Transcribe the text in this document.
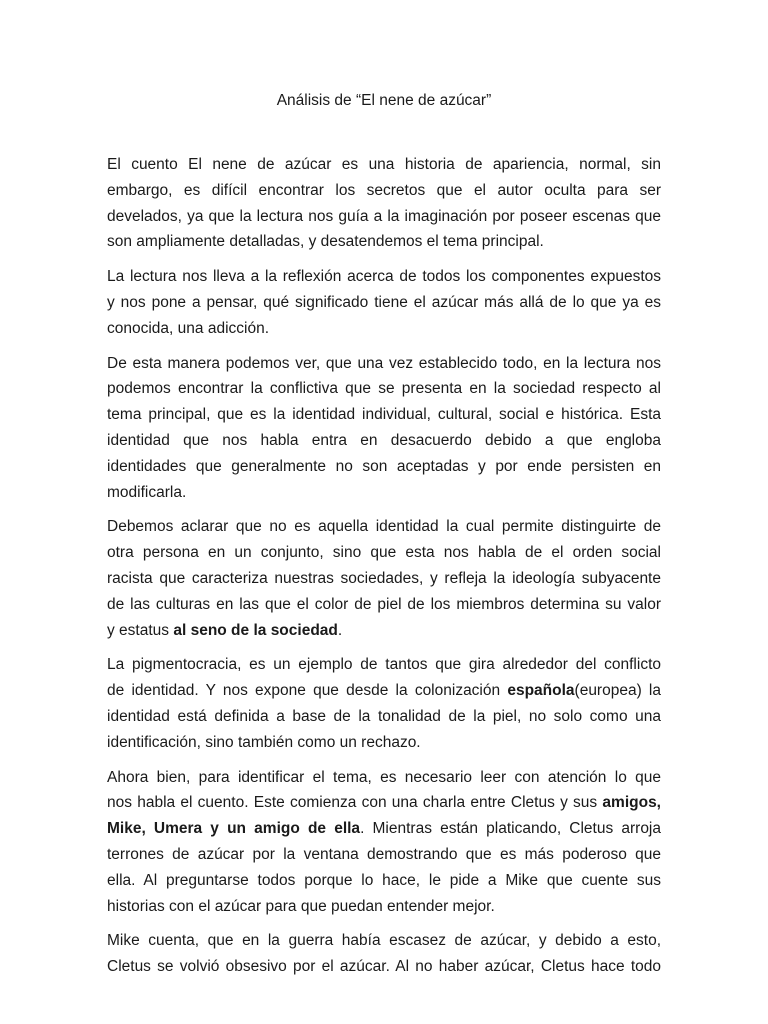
Análisis de “El nene de azúcar”
El cuento El nene de azúcar es una historia de apariencia, normal, sin
embargo, es difícil encontrar los secretos que el autor oculta para ser
develados, ya que la lectura nos guía a la imaginación por poseer escenas que
son ampliamente detalladas, y desatendemos el tema principal.
La lectura nos lleva a la reflexión acerca de todos los componentes expuestos
y nos pone a pensar, qué significado tiene el azúcar más allá de lo que ya es
conocida, una adicción.
De esta manera podemos ver, que una vez establecido todo, en la lectura nos
podemos encontrar la conflictiva que se presenta en la sociedad respecto al
tema principal, que es la identidad individual, cultural, social e histórica. Esta
identidad que nos habla entra en desacuerdo debido a que engloba
identidades que generalmente no son aceptadas y por ende persisten en
modificarla.
Debemos aclarar que no es aquella identidad la cual permite distinguirte de
otra persona en un conjunto, sino que esta nos habla de el orden social
racista que caracteriza nuestras sociedades, y refleja la ideología subyacente
de las culturas en las que el color de piel de los miembros determina su valor
y estatus al seno de la sociedad.
La pigmentocracia, es un ejemplo de tantos que gira alrededor del conflicto
de identidad. Y nos expone que desde la colonización española(europea) la
identidad está definida a base de la tonalidad de la piel, no solo como una
identificación, sino también como un rechazo.
Ahora bien, para identificar el tema, es necesario leer con atención lo que
nos habla el cuento. Este comienza con una charla entre Cletus y sus amigos,
Mike, Umera y un amigo de ella. Mientras están platicando, Cletus arroja
terrones de azúcar por la ventana demostrando que es más poderoso que
ella. Al preguntarse todos porque lo hace, le pide a Mike que cuente sus
historias con el azúcar para que puedan entender mejor.
Mike cuenta, que en la guerra había escasez de azúcar, y debido a esto,
Cletus se volvió obsesivo por el azúcar. Al no haber azúcar, Cletus hace todo
